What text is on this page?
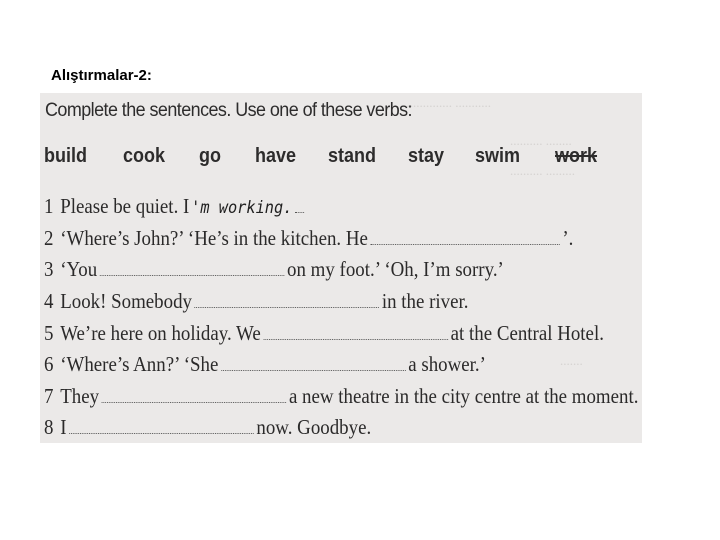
Alıştırmalar-2:
................ ...........
.......... ........
.......... .........
.......
Complete the sentences. Use one of these verbs:
build cook go have stand stay swim work
1 Please be quiet. I 'm working.
2 ‘Where’s John?’ ‘He’s in the kitchen. He	’.
3 ‘You	on my foot.’ ‘Oh, I’m sorry.’
4 Look! Somebody	in the river.
5 We’re here on holiday. We	at the Central Hotel.
6 ‘Where’s Ann?’ ‘She	a shower.’
7 They	a new theatre in the city centre at the moment.
8 I	now. Goodbye.
